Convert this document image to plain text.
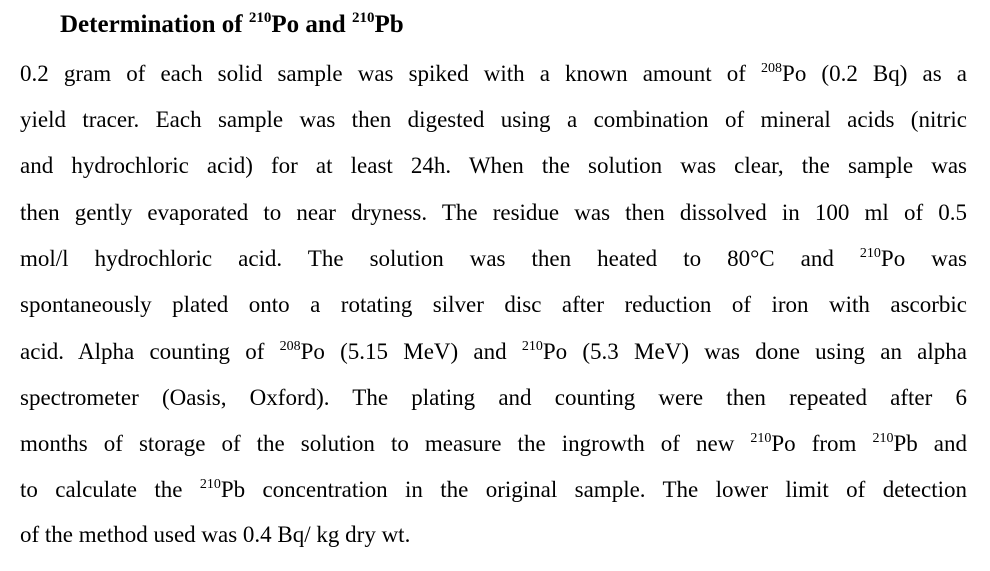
Determination of $^{210}$Po and $^{210}$Pb
0.2 gram of each solid sample was spiked with a known amount of $^{208}$Po (0.2 Bq) as a
yield tracer. Each sample was then digested using a combination of mineral acids (nitric
and hydrochloric acid) for at least 24h. When the solution was clear, the sample was
then gently evaporated to near dryness. The residue was then dissolved in 100 ml of 0.5
mol/l hydrochloric acid. The solution was then heated to 80°C and $^{210}$Po was
spontaneously plated onto a rotating silver disc after reduction of iron with ascorbic
acid. Alpha counting of $^{208}$Po (5.15 MeV) and $^{210}$Po (5.3 MeV) was done using an alpha
spectrometer (Oasis, Oxford). The plating and counting were then repeated after 6
months of storage of the solution to measure the ingrowth of new $^{210}$Po from $^{210}$Pb and
to calculate the $^{210}$Pb concentration in the original sample. The lower limit of detection
of the method used was 0.4 Bq/ kg dry wt.
